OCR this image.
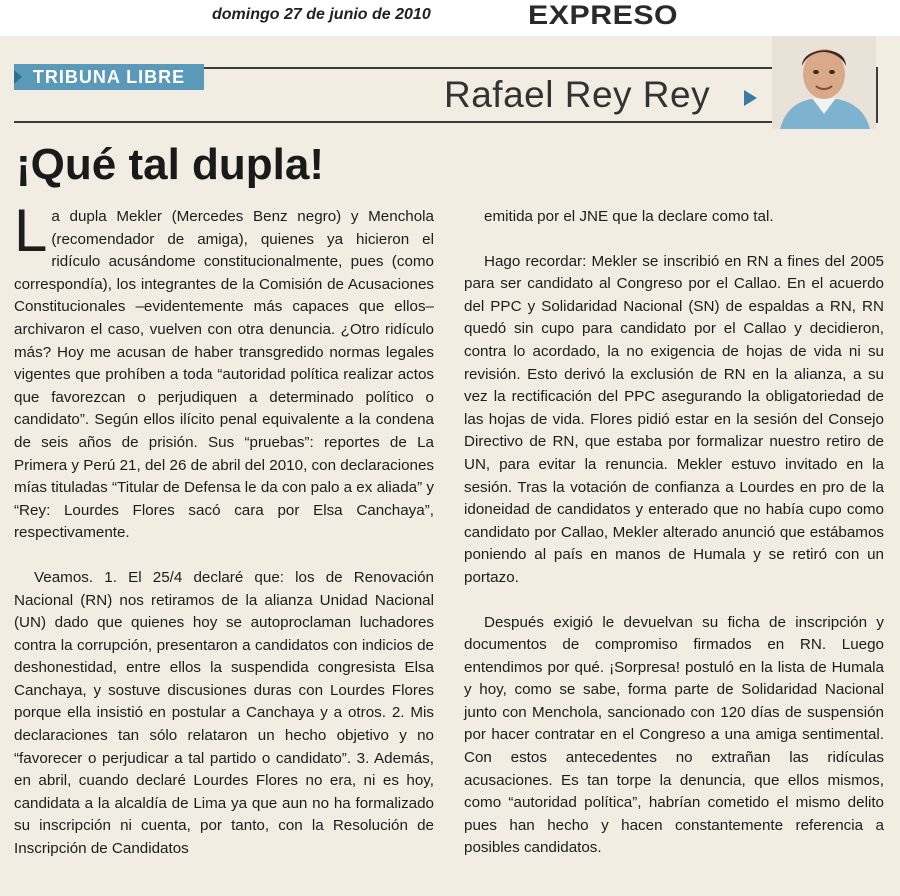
domingo 27 de junio de 2010	EXPRESO
TRIBUNA LIBRE	Rafael Rey Rey
¡Qué tal dupla!

La dupla Mekler (Mercedes Benz negro) y Menchola (recomendador de amiga), quienes ya hicieron el ridículo acusándome constitucionalmente, pues (como correspondía), los integrantes de la Comisión de Acusaciones Constitucionales –evidentemente más capaces que ellos– archivaron el caso, vuelven con otra denuncia. ¿Otro ridículo más? Hoy me acusan de haber transgredido normas legales vigentes que prohíben a toda “autoridad política realizar actos que favorezcan o perjudiquen a determinado político o candidato”. Según ellos ilícito penal equivalente a la condena de seis años de prisión. Sus “pruebas”: reportes de La Primera y Perú 21, del 26 de abril del 2010, con declaraciones mías tituladas “Titular de Defensa le da con palo a ex aliada” y “Rey: Lourdes Flores sacó cara por Elsa Canchaya”, respectivamente.

Veamos. 1. El 25/4 declaré que: los de Renovación Nacional (RN) nos retiramos de la alianza Unidad Nacional (UN) dado que quienes hoy se autoproclaman luchadores contra la corrupción, presentaron a candidatos con indicios de deshonestidad, entre ellos la suspendida congresista Elsa Canchaya, y sostuve discusiones duras con Lourdes Flores porque ella insistió en postular a Canchaya y a otros. 2. Mis declaraciones tan sólo relataron un hecho objetivo y no “favorecer o perjudicar a tal partido o candidato”. 3. Además, en abril, cuando declaré Lourdes Flores no era, ni es hoy, candidata a la alcaldía de Lima ya que aun no ha formalizado su inscripción ni cuenta, por tanto, con la Resolución de Inscripción de Candidatos

emitida por el JNE que la declare como tal.

Hago recordar: Mekler se inscribió en RN a fines del 2005 para ser candidato al Congreso por el Callao. En el acuerdo del PPC y Solidaridad Nacional (SN) de espaldas a RN, RN quedó sin cupo para candidato por el Callao y decidieron, contra lo acordado, la no exigencia de hojas de vida ni su revisión. Esto derivó la exclusión de RN en la alianza, a su vez la rectificación del PPC asegurando la obligatoriedad de las hojas de vida. Flores pidió estar en la sesión del Consejo Directivo de RN, que estaba por formalizar nuestro retiro de UN, para evitar la renuncia. Mekler estuvo invitado en la sesión. Tras la votación de confianza a Lourdes en pro de la idoneidad de candidatos y enterado que no había cupo como candidato por Callao, Mekler alterado anunció que estábamos poniendo al país en manos de Humala y se retiró con un portazo.

Después exigió le devuelvan su ficha de inscripción y documentos de compromiso firmados en RN. Luego entendimos por qué. ¡Sorpresa! postuló en la lista de Humala y hoy, como se sabe, forma parte de Solidaridad Nacional junto con Menchola, sancionado con 120 días de suspensión por hacer contratar en el Congreso a una amiga sentimental. Con estos antecedentes no extrañan las ridículas acusaciones. Es tan torpe la denuncia, que ellos mismos, como “autoridad política”, habrían cometido el mismo delito pues han hecho y hacen constantemente referencia a posibles candidatos.
